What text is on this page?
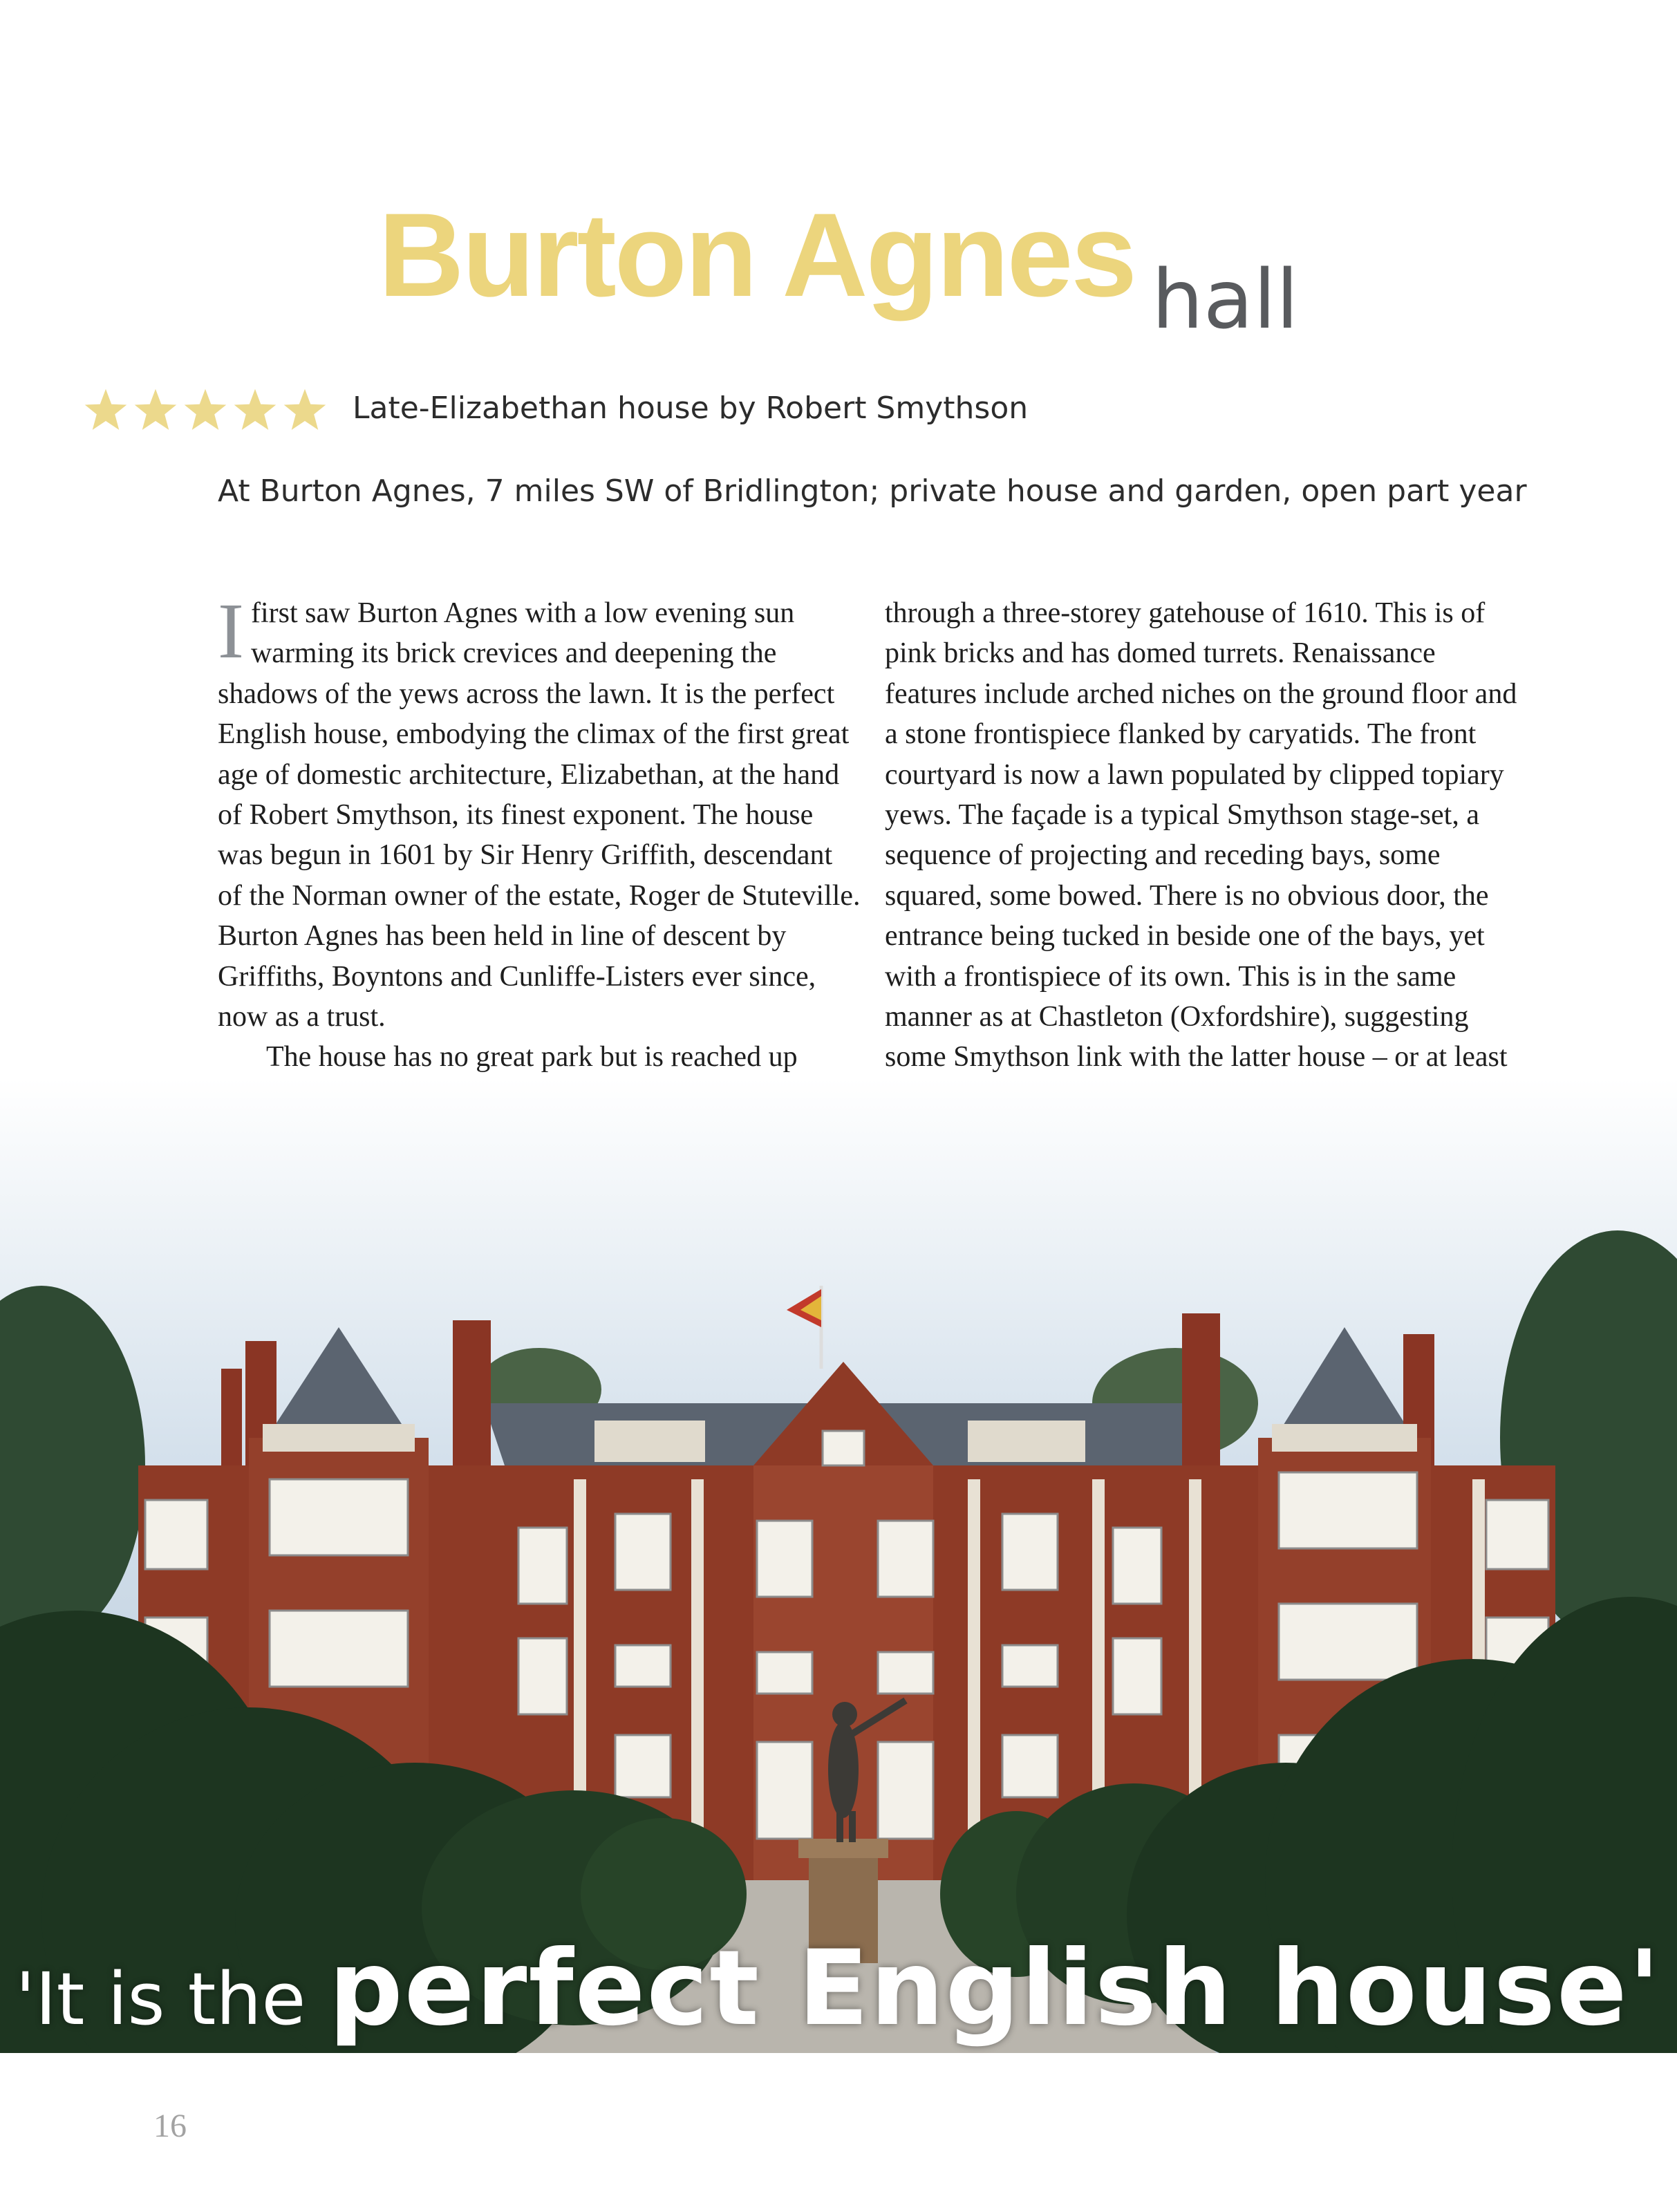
Burton Agnes hall
Late-Elizabethan house by Robert Smythson
At Burton Agnes, 7 miles SW of Bridlington; private house and garden, open part year

I first saw Burton Agnes with a low evening sun warming its brick crevices and deepening the shadows of the yews across the lawn. It is the perfect English house, embodying the climax of the first great age of domestic architecture, Elizabethan, at the hand of Robert Smythson, its finest exponent. The house was begun in 1601 by Sir Henry Griffith, descendant of the Norman owner of the estate, Roger de Stuteville. Burton Agnes has been held in line of descent by Griffiths, Boyntons and Cunliffe-Listers ever since, now as a trust.

The house has no great park but is reached up

through a three-storey gatehouse of 1610. This is of pink bricks and has domed turrets. Renaissance features include arched niches on the ground floor and a stone frontispiece flanked by caryatids. The front courtyard is now a lawn populated by clipped topiary yews. The façade is a typical Smythson stage-set, a sequence of projecting and receding bays, some squared, some bowed. There is no obvious door, the entrance being tucked in beside one of the bays, yet with a frontispiece of its own. This is in the same manner as at Chastleton (Oxfordshire), suggesting some Smythson link with the latter house – or at least

'It is the perfect English house'
16
